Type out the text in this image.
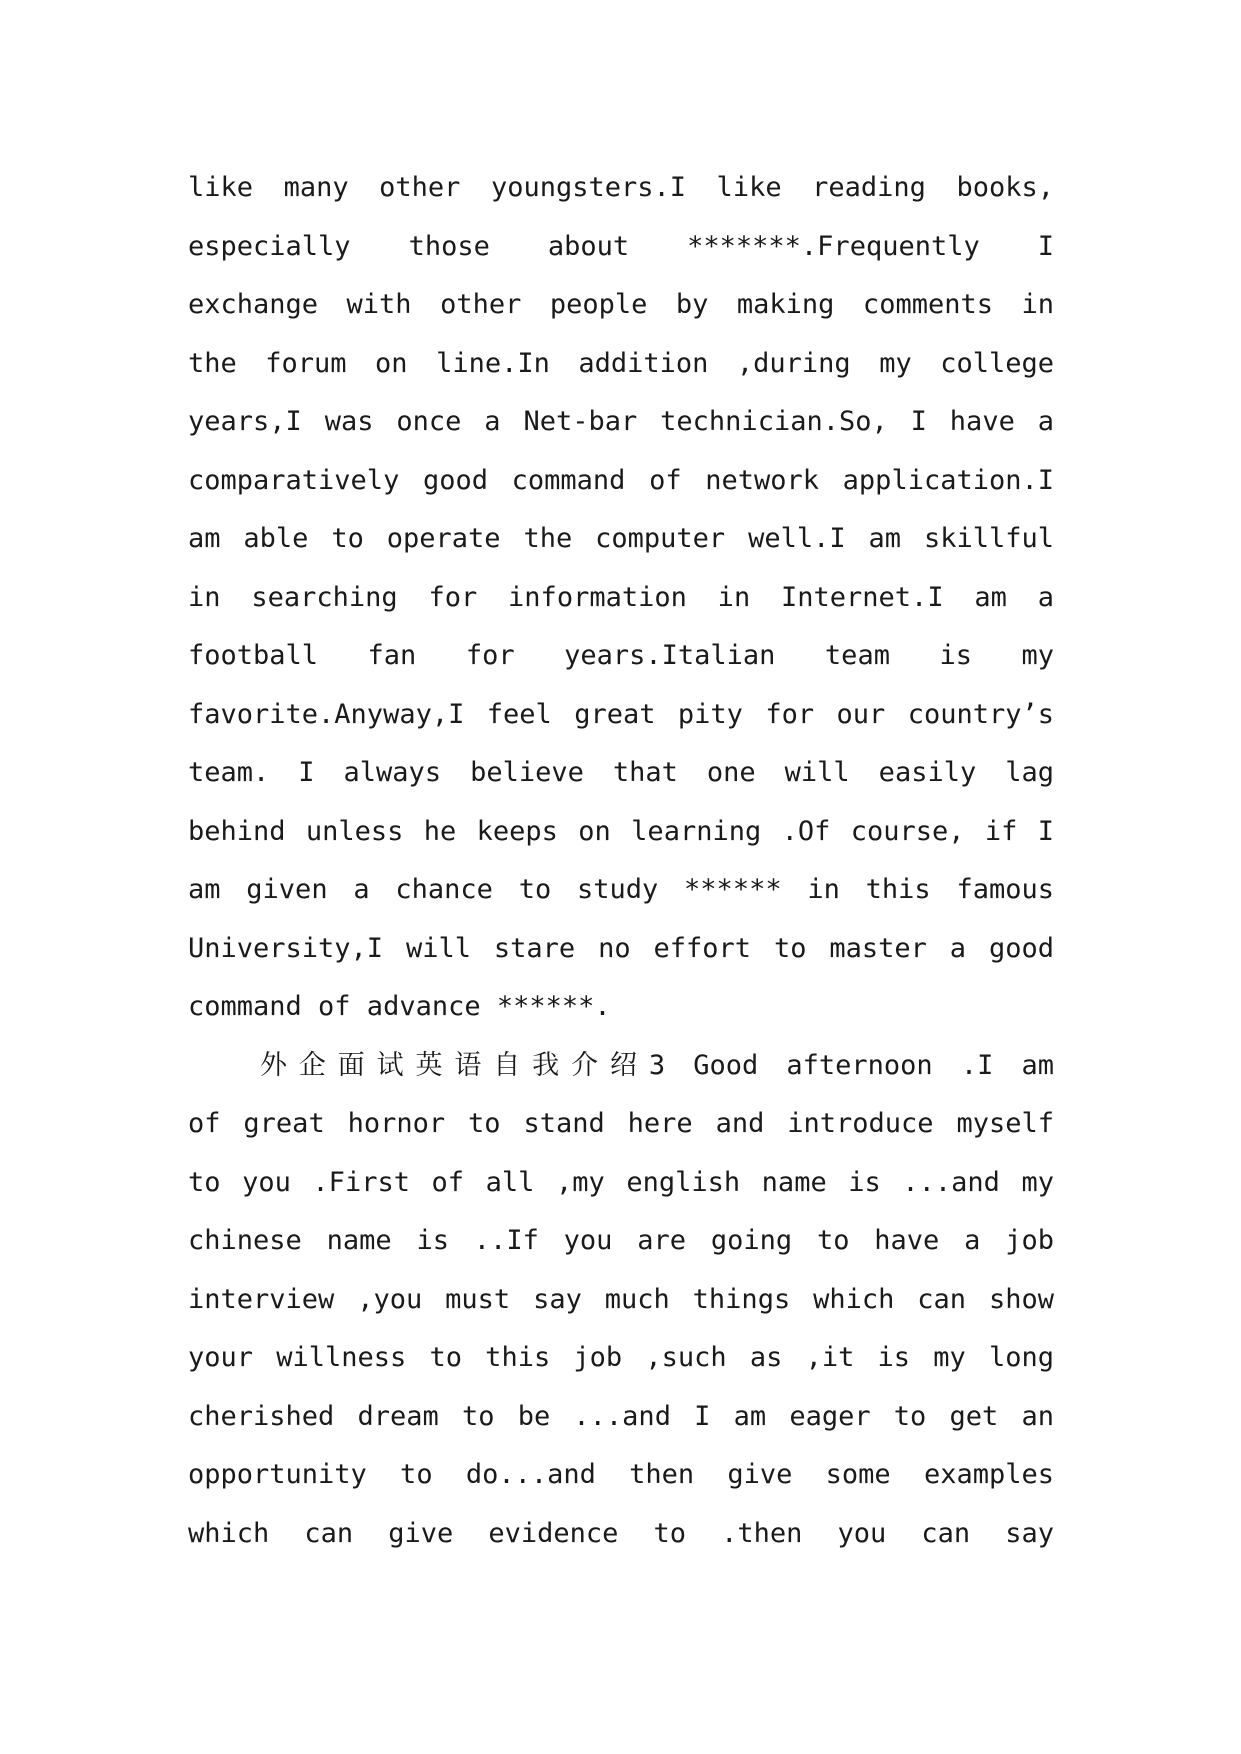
like many other youngsters.I like reading books,
especially those about *******.Frequently I
exchange with other people by making comments in
the forum on line.In addition ,during my college
years,I was once a Net-bar technician.So, I have a
comparatively good command of network application.I
am able to operate the computer well.I am skillful
in searching for information in Internet.I am a
football fan for years.Italian team is my
favorite.Anyway,I feel great pity for our country’s
team. I always believe that one will easily lag
behind unless he keeps on learning .Of course, if I
am given a chance to study ****** in this famous
University,I will stare no effort to master a good
command of advance ******.
外企面试英语自我介绍3 Good afternoon .I am
of great hornor to stand here and introduce myself
to you .First of all ,my english name is ...and my
chinese name is ..If you are going to have a job
interview ,you must say much things which can show
your willness to this job ,such as ,it is my long
cherished dream to be ...and I am eager to get an
opportunity to do...and then give some examples
which can give evidence to .then you can say
